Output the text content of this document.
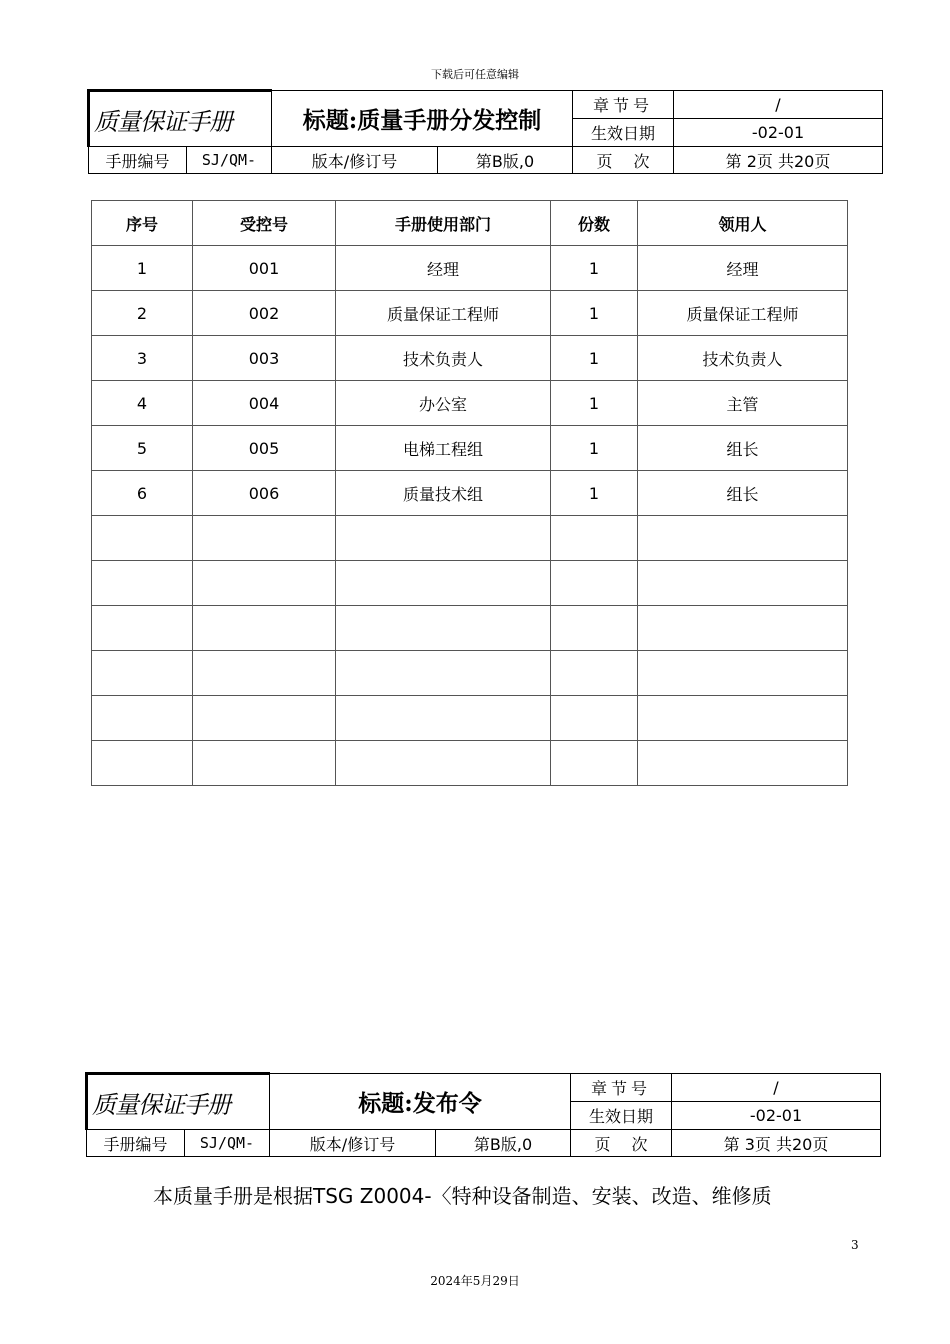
下载后可任意编辑
质量保证手册		标题:质量手册分发控制		章节号	/
				生效日期	-02-01
手册编号	SJ/QM-	版本/修订号	第B版,0	页　 次	第 2页 共20页
序号	受控号	手册使用部门	份数	领用人
1	001	经理	1	经理
2	002	质量保证工程师	1	质量保证工程师
3	003	技术负责人	1	技术负责人
4	004	办公室	1	主管
5	005	电梯工程组	1	组长
6	006	质量技术组	1	组长

质量保证手册		标题:发布令		章节号	/
				生效日期	-02-01
手册编号	SJ/QM-	版本/修订号	第B版,0	页　 次	第 3页 共20页
本质量手册是根据TSG Z0004-〈特种设备制造、安装、改造、维修质
3
2024年5月29日
